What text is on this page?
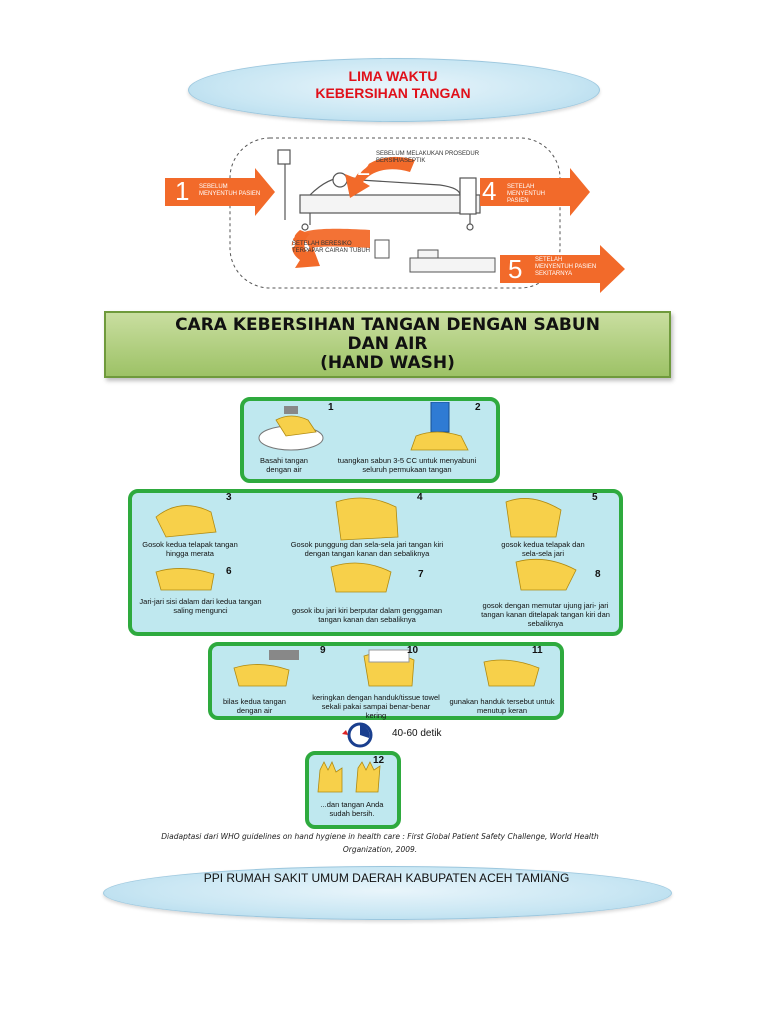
LIMA WAKTU
KEBERSIHAN TANGAN
1 SEBELUM MENYENTUH PASIEN
2 SEBELUM MELAKUKAN PROSEDUR BERSIH/ASEPTIK
3
SETELAH BERESIKO TERPAPAR CAIRAN TUBUH
4 SETELAH MENYENTUH PASIEN
5 SETELAH MENYENTUH PASIEN SEKITARNYA
CARA KEBERSIHAN TANGAN DENGAN SABUN
DAN AIR
(HAND WASH)
1	2
Basahi tangan dengan air
tuangkan sabun 3-5 CC untuk menyabuni seluruh permukaan tangan
3	4	5
Gosok kedua telapak tangan hingga merata
Gosok punggung dan sela-sela jari tangan kiri dengan tangan kanan dan sebaliknya
gosok kedua telapak dan sela-sela jari
6	7	8
Jari-jari sisi dalam dari kedua tangan saling mengunci	gosok ibu jari kiri berputar dalam genggaman tangan kanan dan sebaliknya
gosok dengan memutar ujung jari- jari tangan kanan ditelapak tangan kiri dan sebaliknya
9	10	11
bilas kedua tangan dengan air
keringkan dengan handuk/tissue towel sekali pakai sampai benar-benar kering
gunakan handuk tersebut untuk menutup keran
40-60 detik
12
...dan tangan Anda sudah bersih.
Diadaptasi dari WHO guidelines on hand hygiene in health care : First Global Patient Safety Challenge, World Health
Organization, 2009.
PPI RUMAH SAKIT UMUM DAERAH KABUPATEN ACEH TAMIANG
